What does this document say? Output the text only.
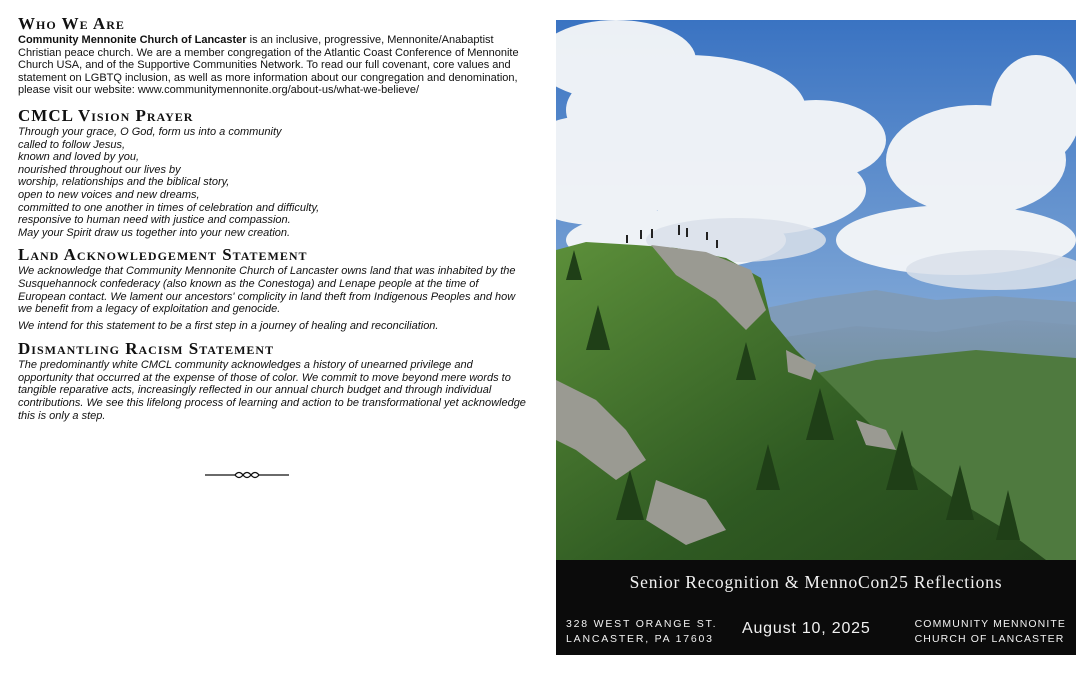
Who We Are

Community Mennonite Church of Lancaster is an inclusive, progressive, Mennonite/Anabaptist Christian peace church. We are a member congregation of the Atlantic Coast Conference of Mennonite Church USA, and of the Supportive Communities Network. To read our full covenant, core values and statement on LGBTQ inclusion, as well as more information about our congregation and denomination, please visit our website: www.communitymennonite.org/about-us/what-we-believe/

CMCL Vision Prayer

Through your grace, O God, form us into a community
called to follow Jesus,
known and loved by you,
nourished throughout our lives by
worship, relationships and the biblical story,
open to new voices and new dreams,
committed to one another in times of celebration and difficulty,
responsive to human need with justice and compassion.
May your Spirit draw us together into your new creation.

Land Acknowledgement Statement

We acknowledge that Community Mennonite Church of Lancaster owns land that was inhabited by the Susquehannock confederacy (also known as the Conestoga) and Lenape people at the time of European contact. We lament our ancestors' complicity in land theft from Indigenous Peoples and how we benefit from a legacy of exploitation and genocide.

We intend for this statement to be a first step in a journey of healing and reconciliation.

Dismantling Racism Statement

The predominantly white CMCL community acknowledges a history of unearned privilege and opportunity that occurred at the expense of those of color. We commit to move beyond mere words to tangible reparative acts, increasingly reflected in our annual church budget and through individual contributions. We see this lifelong process of learning and action to be transformational yet acknowledge this is only a step.

Senior Recognition & MennoCon25 Reflections
328 WEST ORANGE ST.
LANCASTER, PA 17603
August 10, 2025	COMMUNITY MENNONITE
CHURCH OF LANCASTER
